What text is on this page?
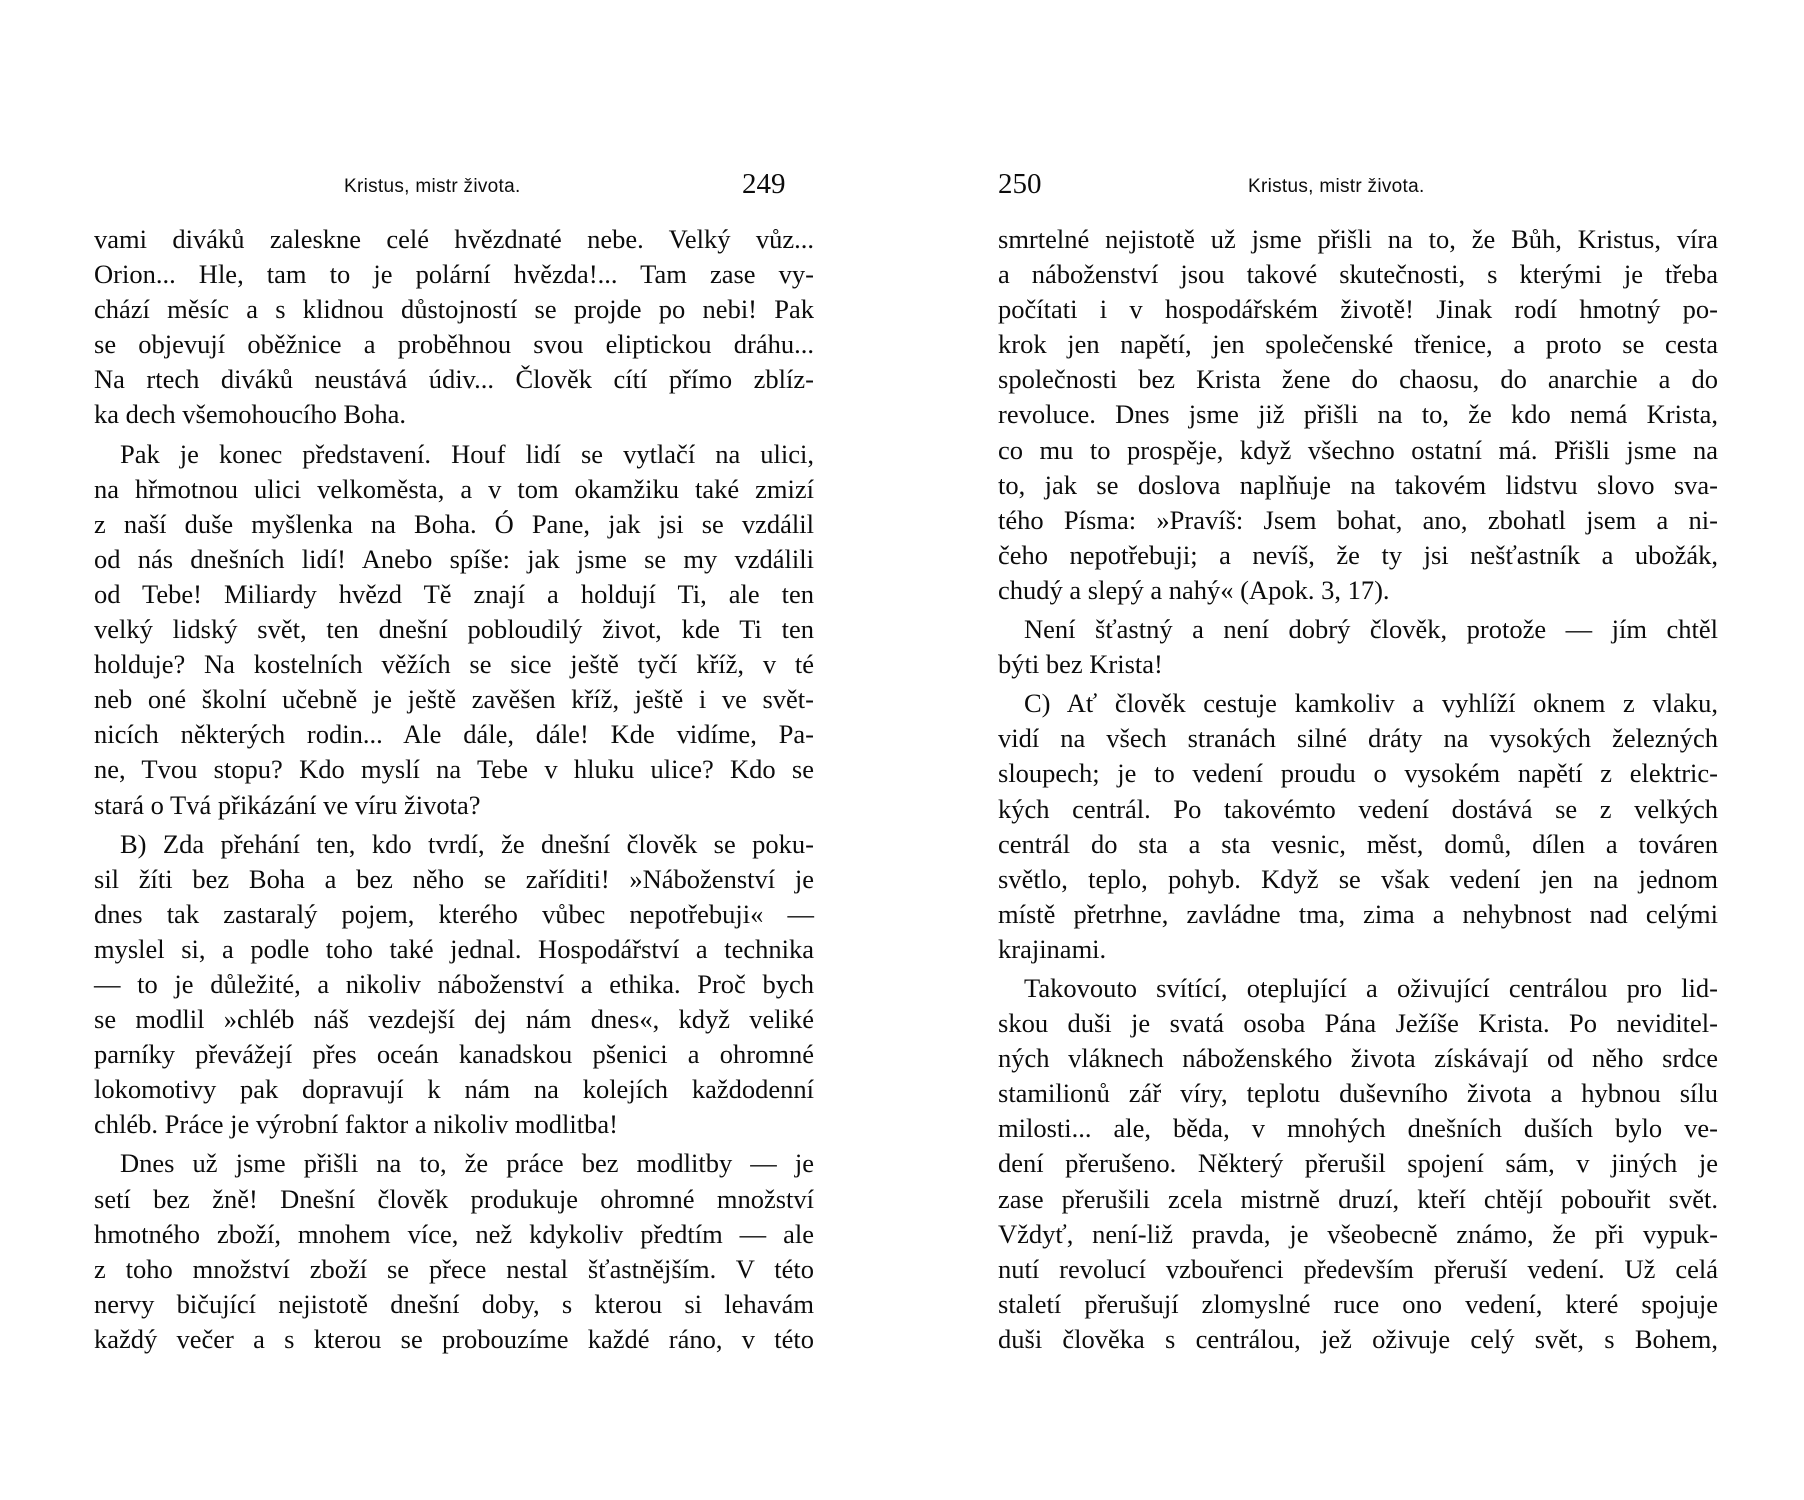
Kristus, mistr života.	249

vami diváků zaleskne celé hvězdnaté nebe. Velký vůz...
Orion... Hle, tam to je polární hvězda!... Tam zase vy-
chází měsíc a s klidnou důstojností se projde po nebi! Pak
se objevují oběžnice a proběhnou svou eliptickou dráhu...
Na rtech diváků neustává údiv... Člověk cítí přímo zblíz-
ka dech všemohoucího Boha.

Pak je konec představení. Houf lidí se vytlačí na ulici,
na hřmotnou ulici velkoměsta, a v tom okamžiku také zmizí
z naší duše myšlenka na Boha. Ó Pane, jak jsi se vzdálil
od nás dnešních lidí! Anebo spíše: jak jsme se my vzdálili
od Tebe! Miliardy hvězd Tě znají a holdují Ti, ale ten
velký lidský svět, ten dnešní pobloudilý život, kde Ti ten
holduje? Na kostelních věžích se sice ještě tyčí kříž, v té
neb oné školní učebně je ještě zavěšen kříž, ještě i ve svět-
nicích některých rodin... Ale dále, dále! Kde vidíme, Pa-
ne, Tvou stopu? Kdo myslí na Tebe v hluku ulice? Kdo se
stará o Tvá přikázání ve víru života?

B) Zda přehání ten, kdo tvrdí, že dnešní člověk se poku-
sil žíti bez Boha a bez něho se zaříditi! »Náboženství je
dnes tak zastaralý pojem, kterého vůbec nepotřebuji« —
myslel si, a podle toho také jednal. Hospodářství a technika
— to je důležité, a nikoliv náboženství a ethika. Proč bych
se modlil »chléb náš vezdejší dej nám dnes«, když veliké
parníky převážejí přes oceán kanadskou pšenici a ohromné
lokomotivy pak dopravují k nám na kolejích každodenní
chléb. Práce je výrobní faktor a nikoliv modlitba!

Dnes už jsme přišli na to, že práce bez modlitby — je
setí bez žně! Dnešní člověk produkuje ohromné množství
hmotného zboží, mnohem více, než kdykoliv předtím — ale
z toho množství zboží se přece nestal šťastnějším. V této
nervy bičující nejistotě dnešní doby, s kterou si lehavám
každý večer a s kterou se probouzíme každé ráno, v této

250	Kristus, mistr života.

smrtelné nejistotě už jsme přišli na to, že Bůh, Kristus, víra
a náboženství jsou takové skutečnosti, s kterými je třeba
počítati i v hospodářském životě! Jinak rodí hmotný po-
krok jen napětí, jen společenské třenice, a proto se cesta
společnosti bez Krista žene do chaosu, do anarchie a do
revoluce. Dnes jsme již přišli na to, že kdo nemá Krista,
co mu to prospěje, když všechno ostatní má. Přišli jsme na
to, jak se doslova naplňuje na takovém lidstvu slovo sva-
tého Písma: »Pravíš: Jsem bohat, ano, zbohatl jsem a ni-
čeho nepotřebuji; a nevíš, že ty jsi nešťastník a ubožák,
chudý a slepý a nahý« (Apok. 3, 17).

Není šťastný a není dobrý člověk, protože — jím chtěl
býti bez Krista!

C) Ať člověk cestuje kamkoliv a vyhlíží oknem z vlaku,
vidí na všech stranách silné dráty na vysokých železných
sloupech; je to vedení proudu o vysokém napětí z elektric-
kých centrál. Po takovémto vedení dostává se z velkých
centrál do sta a sta vesnic, měst, domů, dílen a továren
světlo, teplo, pohyb. Když se však vedení jen na jednom
místě přetrhne, zavládne tma, zima a nehybnost nad celými
krajinami.

Takovouto svítící, oteplující a oživující centrálou pro lid-
skou duši je svatá osoba Pána Ježíše Krista. Po neviditel-
ných vláknech náboženského života získávají od něho srdce
stamilionů zář víry, teplotu duševního života a hybnou sílu
milosti... ale, běda, v mnohých dnešních duších bylo ve-
dení přerušeno. Některý přerušil spojení sám, v jiných je
zase přerušili zcela mistrně druzí, kteří chtějí pobouřit svět.
Vždyť, není-liž pravda, je všeobecně známo, že při vypuk-
nutí revolucí vzbouřenci především přeruší vedení. Už celá
staletí přerušují zlomyslné ruce ono vedení, které spojuje
duši člověka s centrálou, jež oživuje celý svět, s Bohem,
